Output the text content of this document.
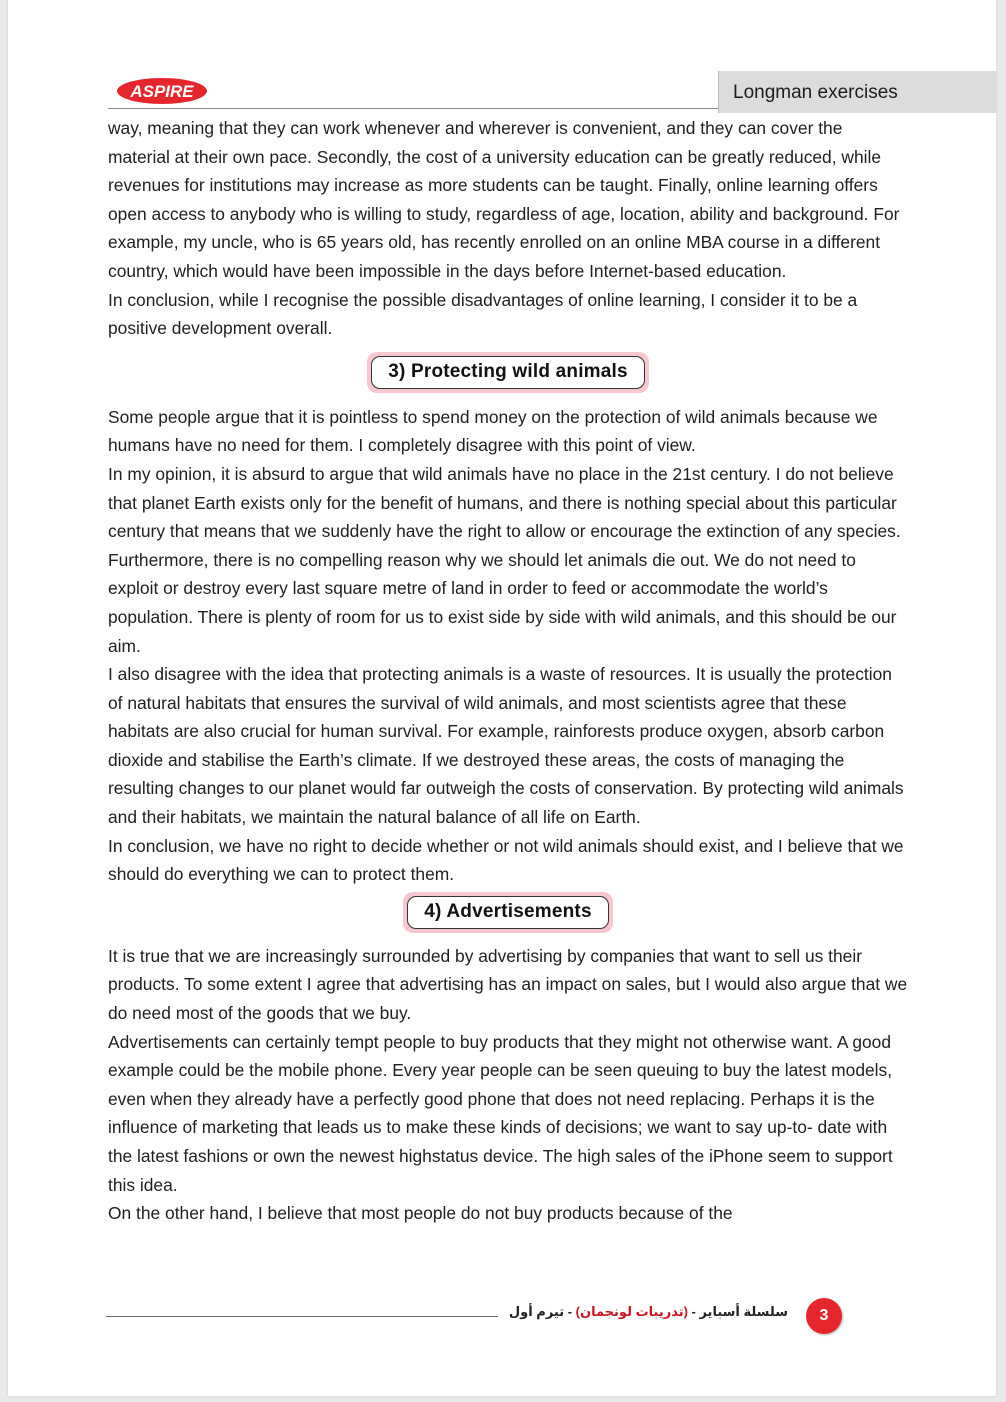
ASPIRE	Longman exercises

way, meaning that they can work whenever and wherever is convenient, and they can cover the material at their own pace. Secondly, the cost of a university education can be greatly reduced, while revenues for institutions may increase as more students can be taught. Finally, online learning offers open access to anybody who is willing to study, regardless of age, location, ability and background. For example, my uncle, who is 65 years old, has recently enrolled on an online MBA course in a different country, which would have been impossible in the days before Internet-based education.

In conclusion, while I recognise the possible disadvantages of online learning, I consider it to be a positive development overall.

3) Protecting wild animals

Some people argue that it is pointless to spend money on the protection of wild animals because we humans have no need for them. I completely disagree with this point of view.

In my opinion, it is absurd to argue that wild animals have no place in the 21st century. I do not believe that planet Earth exists only for the benefit of humans, and there is nothing special about this particular century that means that we suddenly have the right to allow or encourage the extinction of any species. Furthermore, there is no compelling reason why we should let animals die out. We do not need to exploit or destroy every last square metre of land in order to feed or accommodate the world’s population. There is plenty of room for us to exist side by side with wild animals, and this should be our aim.

I also disagree with the idea that protecting animals is a waste of resources. It is usually the protection of natural habitats that ensures the survival of wild animals, and most scientists agree that these habitats are also crucial for human survival. For example, rainforests produce oxygen, absorb carbon dioxide and stabilise the Earth’s climate. If we destroyed these areas, the costs of managing the resulting changes to our planet would far outweigh the costs of conservation. By protecting wild animals and their habitats, we maintain the natural balance of all life on Earth.

In conclusion, we have no right to decide whether or not wild animals should exist, and I believe that we should do everything we can to protect them.

4) Advertisements

It is true that we are increasingly surrounded by advertising by companies that want to sell us their products. To some extent I agree that advertising has an impact on sales, but I would also argue that we do need most of the goods that we buy.

Advertisements can certainly tempt people to buy products that they might not otherwise want. A good example could be the mobile phone. Every year people can be seen queuing to buy the latest models, even when they already have a perfectly good phone that does not need replacing. Perhaps it is the influence of marketing that leads us to make these kinds of decisions; we want to say up-to- date with the latest fashions or own the newest highstatus device. The high sales of the iPhone seem to support this idea.

On the other hand, I believe that most people do not buy products because of the

سلسلة أسباير - (تدريبات لونجمان) - تيرم أول	3
